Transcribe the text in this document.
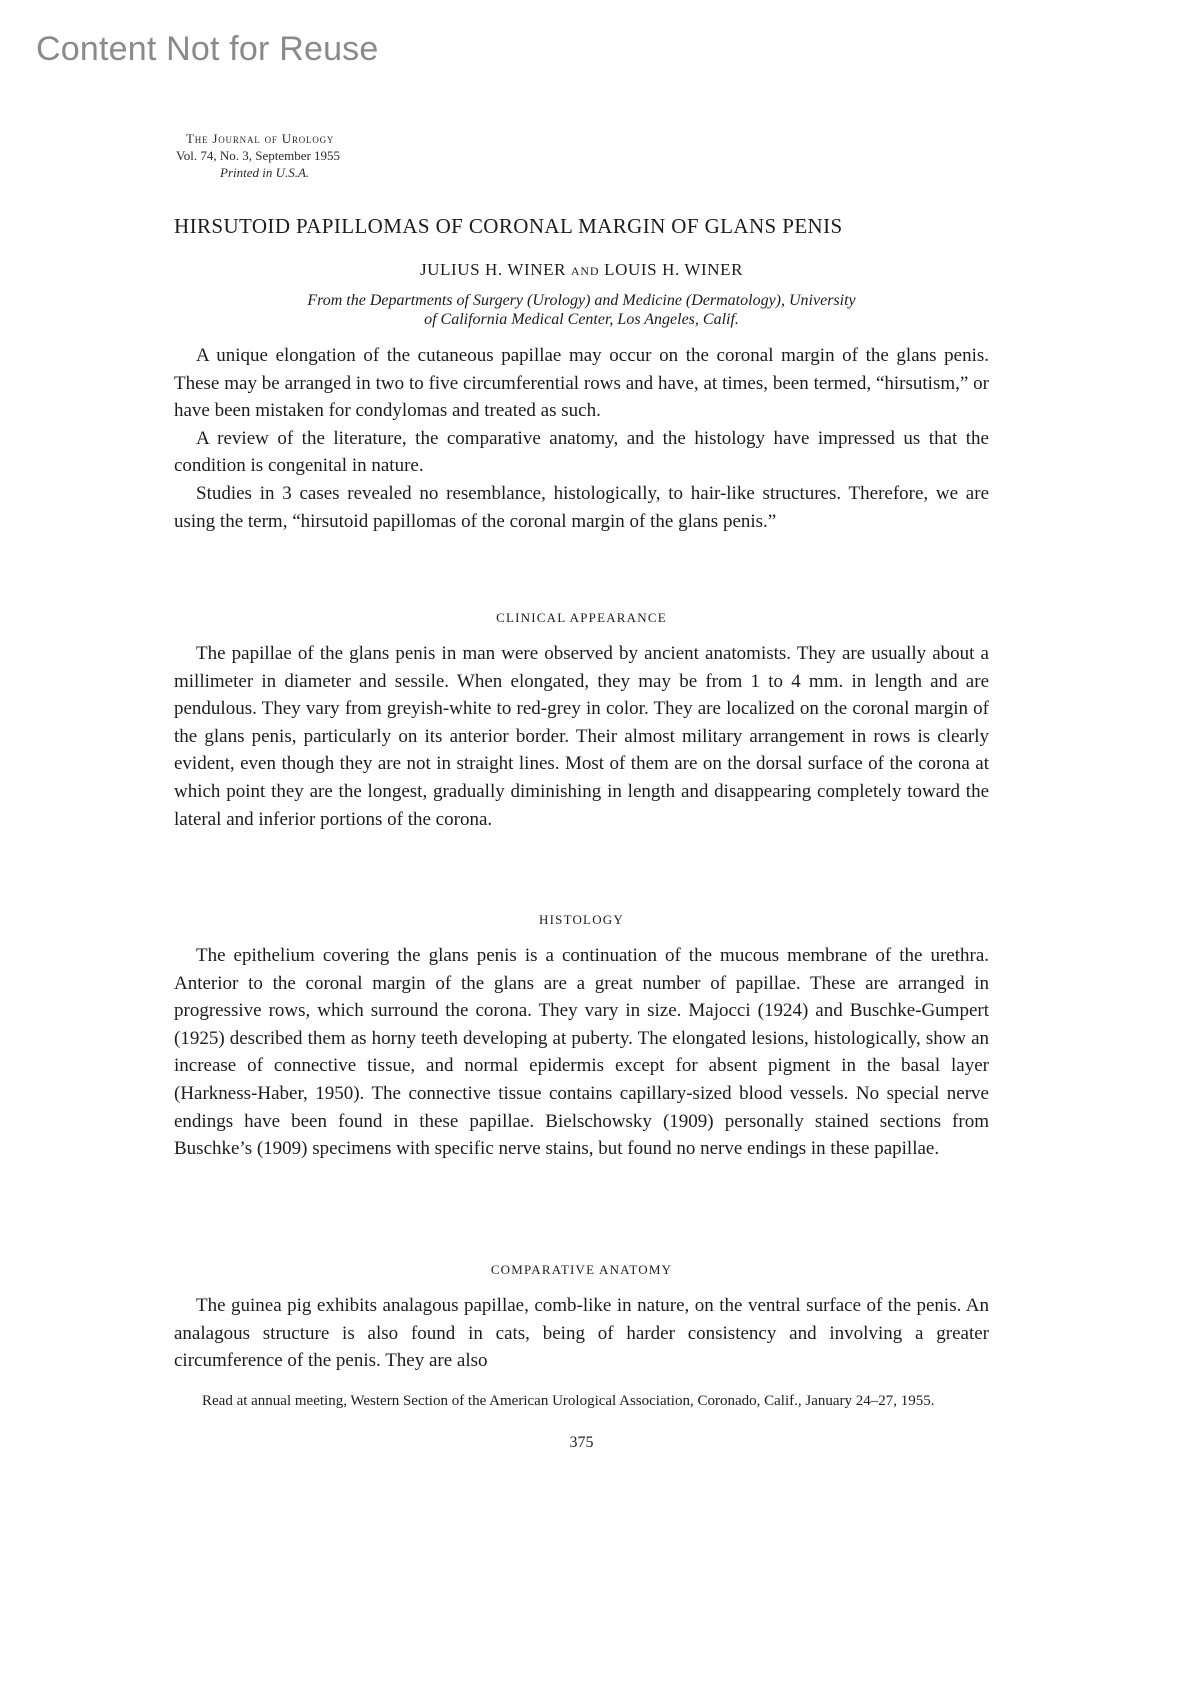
Content Not for Reuse
The Journal of Urology
Vol. 74, No. 3, September 1955
Printed in U.S.A.
HIRSUTOID PAPILLOMAS OF CORONAL MARGIN OF GLANS PENIS
JULIUS H. WINER AND LOUIS H. WINER
From the Departments of Surgery (Urology) and Medicine (Dermatology), University
of California Medical Center, Los Angeles, Calif.

A unique elongation of the cutaneous papillae may occur on the coronal margin of the glans penis. These may be arranged in two to five circumferential rows and have, at times, been termed, “hirsutism,” or have been mistaken for condylomas and treated as such.

A review of the literature, the comparative anatomy, and the histology have impressed us that the condition is congenital in nature.

Studies in 3 cases revealed no resemblance, histologically, to hair-like structures. Therefore, we are using the term, “hirsutoid papillomas of the coronal margin of the glans penis.”

CLINICAL APPEARANCE

The papillae of the glans penis in man were observed by ancient anatomists. They are usually about a millimeter in diameter and sessile. When elongated, they may be from 1 to 4 mm. in length and are pendulous. They vary from greyish-white to red-grey in color. They are localized on the coronal margin of the glans penis, particularly on its anterior border. Their almost military arrangement in rows is clearly evident, even though they are not in straight lines. Most of them are on the dorsal surface of the corona at which point they are the longest, gradually diminishing in length and disappearing completely toward the lateral and inferior portions of the corona.

HISTOLOGY

The epithelium covering the glans penis is a continuation of the mucous membrane of the urethra. Anterior to the coronal margin of the glans are a great number of papillae. These are arranged in progressive rows, which surround the corona. They vary in size. Majocci (1924) and Buschke-Gumpert (1925) described them as horny teeth developing at puberty. The elongated lesions, histologically, show an increase of connective tissue, and normal epidermis except for absent pigment in the basal layer (Harkness-Haber, 1950). The connective tissue contains capillary-sized blood vessels. No special nerve endings have been found in these papillae. Bielschowsky (1909) personally stained sections from Buschke’s (1909) specimens with specific nerve stains, but found no nerve endings in these papillae.

COMPARATIVE ANATOMY

The guinea pig exhibits analagous papillae, comb-like in nature, on the ventral surface of the penis. An analagous structure is also found in cats, being of harder consistency and involving a greater circumference of the penis. They are also

Read at annual meeting, Western Section of the American Urological Association, Coronado, Calif., January 24–27, 1955.

375
